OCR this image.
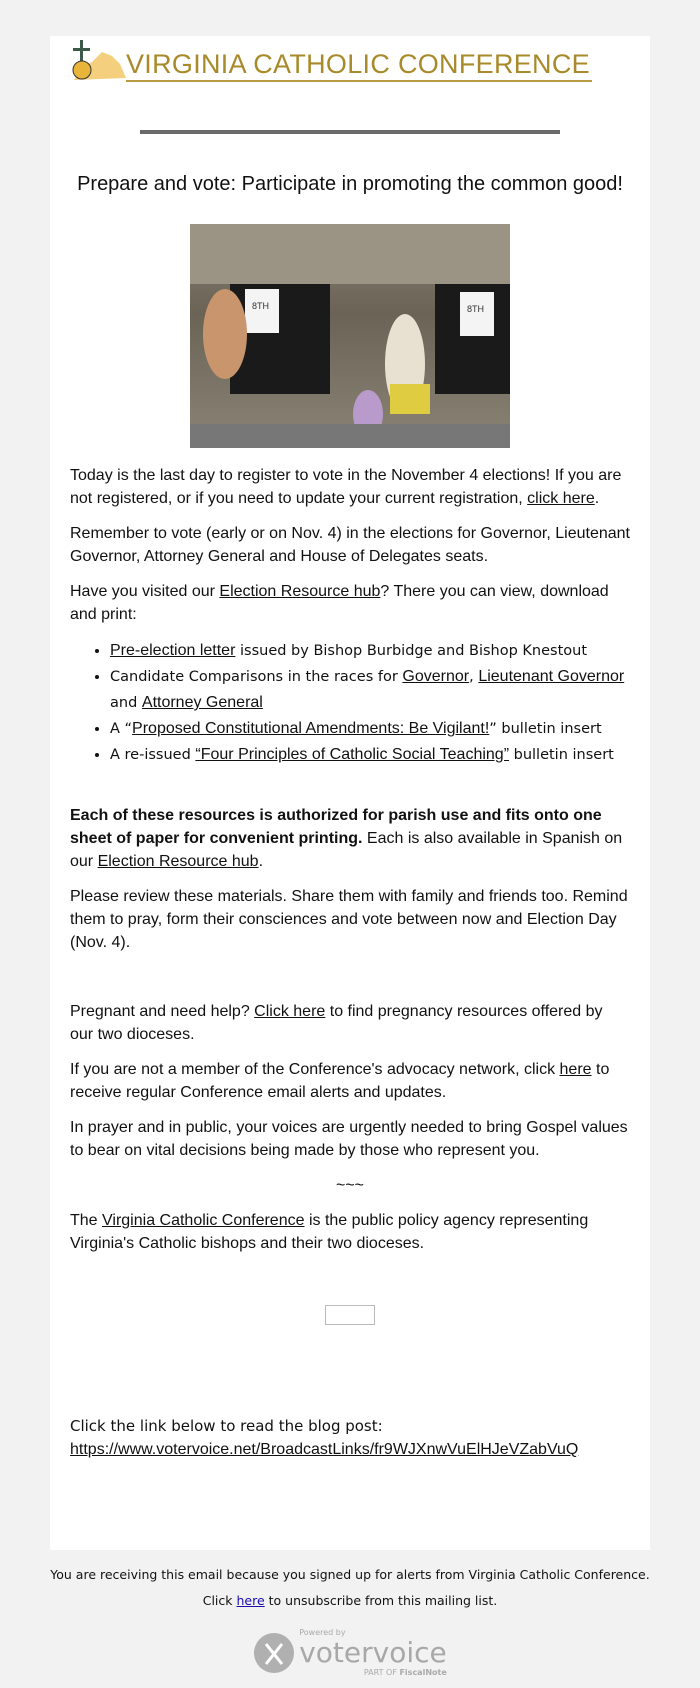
VIRGINIA CATHOLIC CONFERENCE
Prepare and vote: Participate in promoting the common good!
8TH	8TH

Today is the last day to register to vote in the November 4 elections! If you are not registered, or if you need to update your current registration, click here.

Remember to vote (early or on Nov. 4) in the elections for Governor, Lieutenant Governor, Attorney General and House of Delegates seats.

Have you visited our Election Resource hub? There you can view, download and print:

• Pre-election letter issued by Bishop Burbidge and Bishop Knestout
• Candidate Comparisons in the races for Governor, Lieutenant Governor and Attorney General
• A “Proposed Constitutional Amendments: Be Vigilant!” bulletin insert
• A re-issued “Four Principles of Catholic Social Teaching” bulletin insert

Each of these resources is authorized for parish use and fits onto one sheet of paper for convenient printing. Each is also available in Spanish on our Election Resource hub.

Please review these materials. Share them with family and friends too. Remind them to pray, form their consciences and vote between now and Election Day (Nov. 4).

Pregnant and need help? Click here to find pregnancy resources offered by our two dioceses.

If you are not a member of the Conference's advocacy network, click here to receive regular Conference email alerts and updates.

In prayer and in public, your voices are urgently needed to bring Gospel values to bear on vital decisions being made by those who represent you.

~~~

The Virginia Catholic Conference is the public policy agency representing Virginia's Catholic bishops and their two dioceses.

Click the link below to read the blog post:

https://www.votervoice.net/BroadcastLinks/fr9WJXnwVuElHJeVZabVuQ

You are receiving this email because you signed up for alerts from Virginia Catholic Conference.
Click here to unsubscribe from this mailing list.
Powered by
votervoice
PART OF FiscalNote
